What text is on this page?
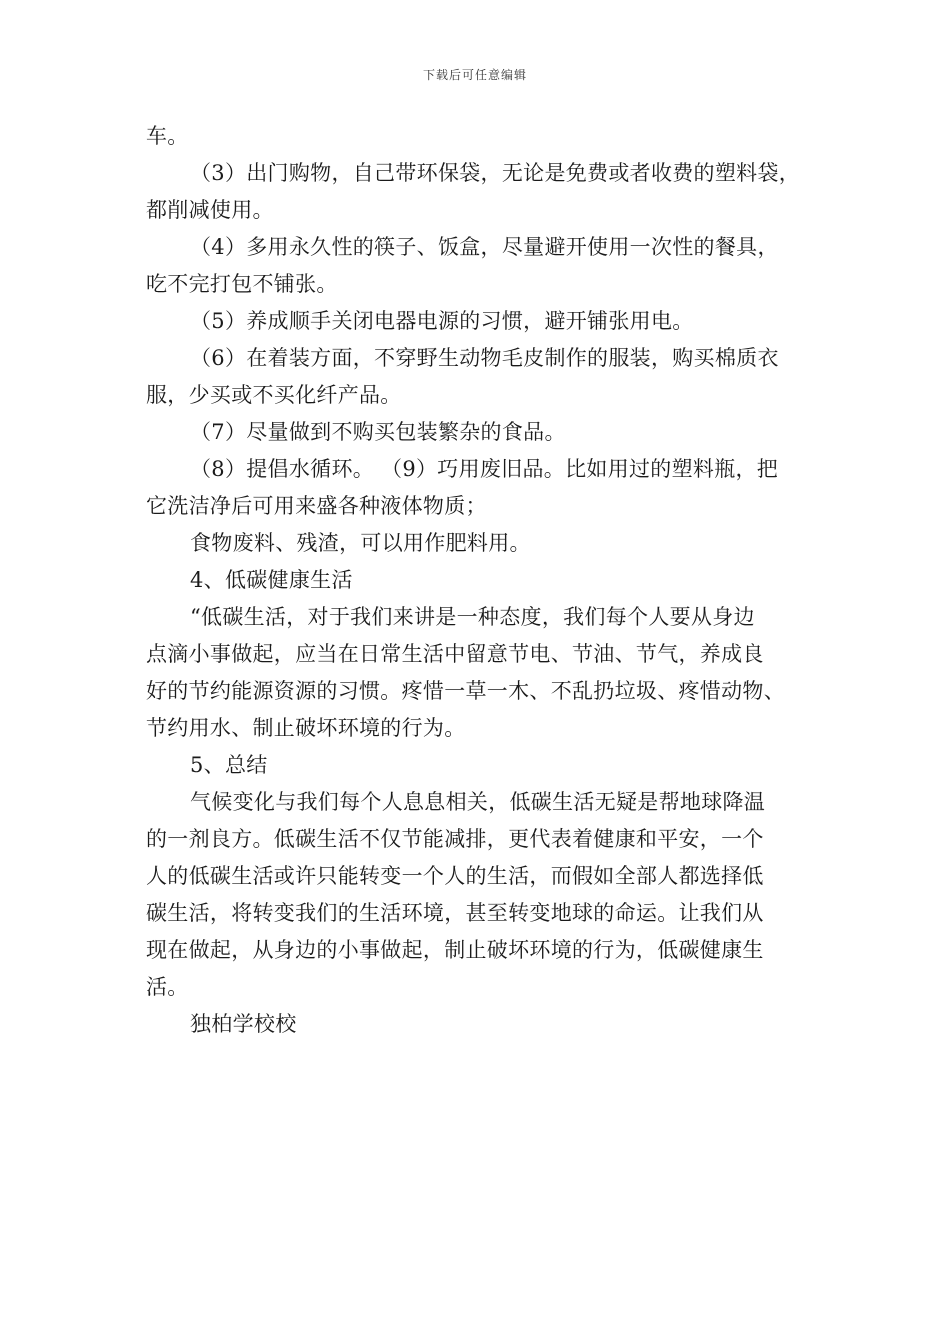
下载后可任意编辑
车。
（3）出门购物，自己带环保袋，无论是免费或者收费的塑料袋，
都削减使用。
（4）多用永久性的筷子、饭盒，尽量避开使用一次性的餐具，
吃不完打包不铺张。
（5）养成顺手关闭电器电源的习惯，避开铺张用电。
（6）在着装方面，不穿野生动物毛皮制作的服装，购买棉质衣
服，少买或不买化纤产品。
（7）尽量做到不购买包装繁杂的食品。
（8）提倡水循环。 （9）巧用废旧品。比如用过的塑料瓶，把
它洗洁净后可用来盛各种液体物质；
食物废料、残渣，可以用作肥料用。
4、低碳健康生活
“低碳生活，对于我们来讲是一种态度，我们每个人要从身边
点滴小事做起，应当在日常生活中留意节电、节油、节气，养成良
好的节约能源资源的习惯。疼惜一草一木、不乱扔垃圾、疼惜动物、
节约用水、制止破坏环境的行为。
5、总结
气候变化与我们每个人息息相关，低碳生活无疑是帮地球降温
的一剂良方。低碳生活不仅节能减排，更代表着健康和平安，一个
人的低碳生活或许只能转变一个人的生活，而假如全部人都选择低
碳生活，将转变我们的生活环境，甚至转变地球的命运。让我们从
现在做起，从身边的小事做起，制止破坏环境的行为，低碳健康生
活。
独柏学校校
